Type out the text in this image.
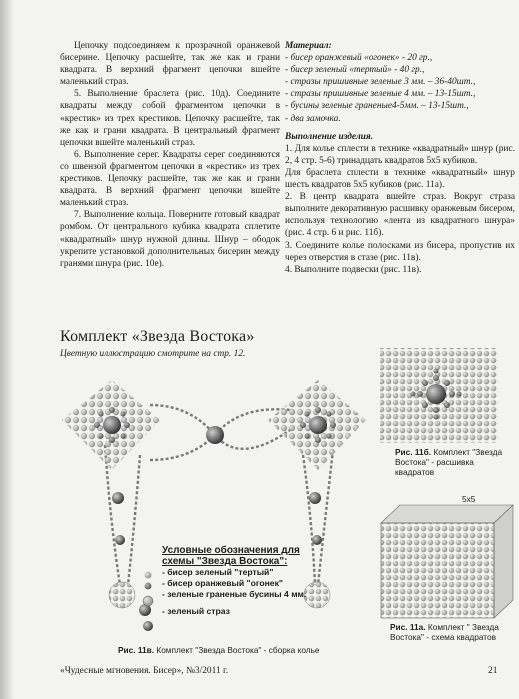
Цепочку подсоединяем к прозрачной оранжевой бисерине. Цепочку расшейте, так же как и грани квадрата. В верхний фрагмент цепочки вшейте маленький страз.

5. Выполнение браслета (рис. 10д). Соедините квадраты между собой фрагментом цепочки в «крестик» из трех крестиков. Цепочку расшейте, так же как и грани квадрата. В центральный фрагмент цепочки вшейте маленький страз.

6. Выполнение серег. Квадраты серег соединяются со швензой фрагментом цепочки в «крестик» из трех крестиков. Цепочку расшейте, так же как и грани квадрата. В верхний фрагмент цепочки вшейте маленький страз.

7. Выполнение кольца. Поверните готовый квадрат ромбом. От центрального кубика квадрата сплетите «квадратный» шнур нужной длины. Шнур – ободок укрепите установкой дополнительных бисерин между гранями шнура (рис. 10е).

Материал:

- бисер оранжевый «огонек» - 20 гр.,

- бисер зеленый «тертый» - 40 гр.,

- стразы пришивные зеленые 3 мм. – 36-40шт.,

- стразы пришивные зеленые 4 мм. – 13-15шт.,

- бусины зеленые граненые4-5мм. – 13-15шт.,

- два замочка.

Выполнение изделия.

1. Для колье сплести в технике «квадратный» шнур (рис. 2, 4 стр. 5-6) тринадцать квадратов 5х5 кубиков.

Для браслета сплести в технике «квадратный» шнур шесть квадратов 5х5 кубиков (рис. 11а).

2. В центр квадрата вшейте страз. Вокруг страза выполните декоративную расшивку оранжевым бисером, используя технологию «лента из квадратного шнура» (рис. 4 стр. 6 и рис. 11б).

3. Соедините колье полосками из бисера, пропустив их через отверстия в стазе (рис. 11в).

4. Выполните подвески (рис. 11в).

Комплект «Звезда Востока»
Цветную иллюстрацию смотрите на стр. 12.
Условные обозначения для схемы "Звезда Востока":
- бисер зеленый "тертый"
- бисер оранжевый "огонек"
- зеленые граненые бусины 4 мм.
- зеленый страз
Рис. 11б. Комплект "Звезда Востока" - расшивка квадратов
5х5
Рис. 11а. Комплект " Звезда Востока" - схема квадратов
Рис. 11в. Комплект "Звезда Востока" - сборка колье
«Чудесные мгновения. Бисер», №3/2011 г.	21
